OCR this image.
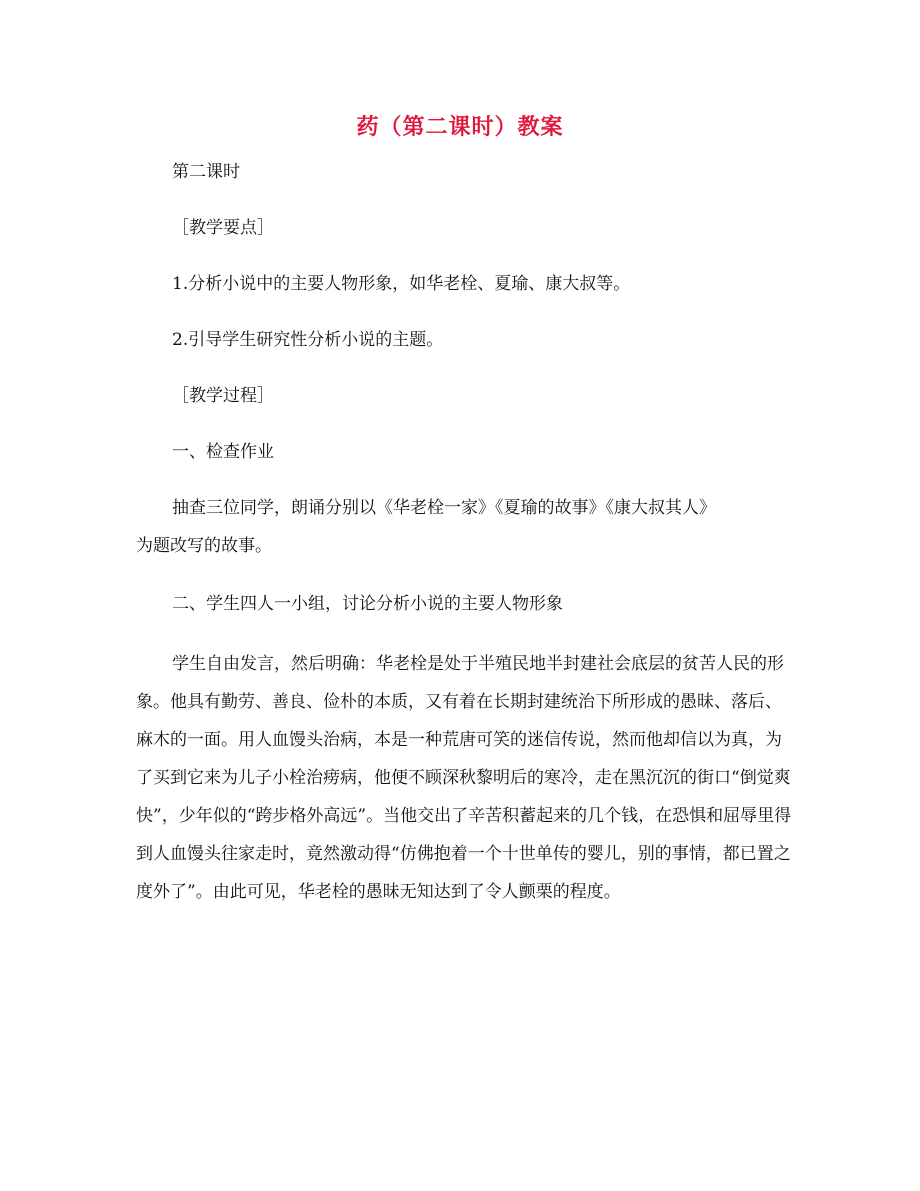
药（第二课时）教案
第二课时
［教学要点］
1.分析小说中的主要人物形象，如华老栓、夏瑜、康大叔等。
2.引导学生研究性分析小说的主题。
［教学过程］
一、检查作业
抽查三位同学，朗诵分别以《华老栓一家》《夏瑜的故事》《康大叔其人》
为题改写的故事。
二、学生四人一小组，讨论分析小说的主要人物形象
学生自由发言，然后明确：华老栓是处于半殖民地半封建社会底层的贫苦人民的形象。他具有勤劳、善良、俭朴的本质，又有着在长期封建统治下所形成的愚昧、落后、麻木的一面。用人血馒头治病，本是一种荒唐可笑的迷信传说，然而他却信以为真，为了买到它来为儿子小栓治痨病，他便不顾深秋黎明后的寒冷，走在黑沉沉的街口“倒觉爽快”，少年似的“跨步格外高远”。当他交出了辛苦积蓄起来的几个钱，在恐惧和屈辱里得到人血馒头往家走时，竟然激动得“仿佛抱着一个十世单传的婴儿，别的事情，都已置之度外了”。由此可见，华老栓的愚昧无知达到了令人颤栗的程度。
